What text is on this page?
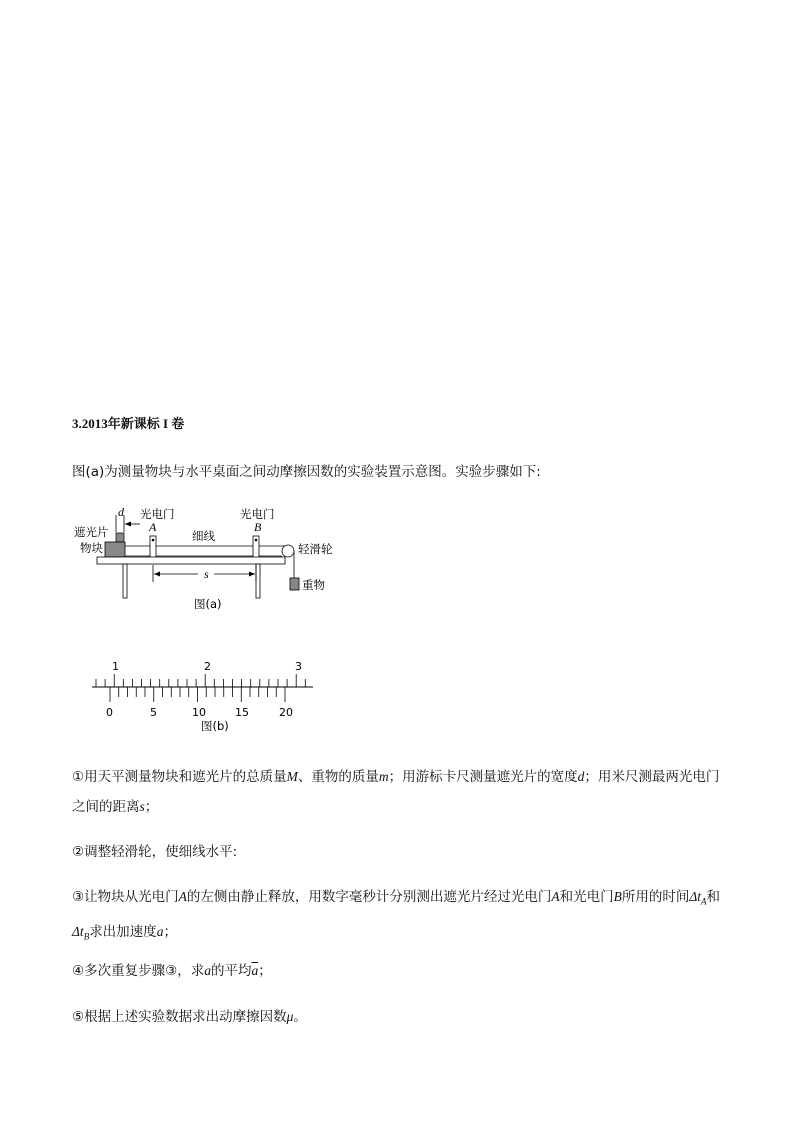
3.2013年新课标 I 卷
图(a)为测量物块与水平桌面之间动摩擦因数的实验装置示意图。实验步骤如下:
d 光电门
A
光电门
B
遮光片
物块
细线
轻滑轮
重物
s
图(a)
1	2	3
0	5	10	15	20
图(b)
①用天平测量物块和遮光片的总质量M、重物的质量m；用游标卡尺测量遮光片的宽度d；用米尺测最两光电门之间的距离s；
②调整轻滑轮，使细线水平:
③让物块从光电门A的左侧由静止释放，用数字毫秒计分别测出遮光片经过光电门A和光电门B所用的时间$\Delta t_A$和$\Delta t_B$求出加速度a；
④多次重复步骤③，求a的平均$\overline{a}$；
⑤根据上述实验数据求出动摩擦因数μ。
